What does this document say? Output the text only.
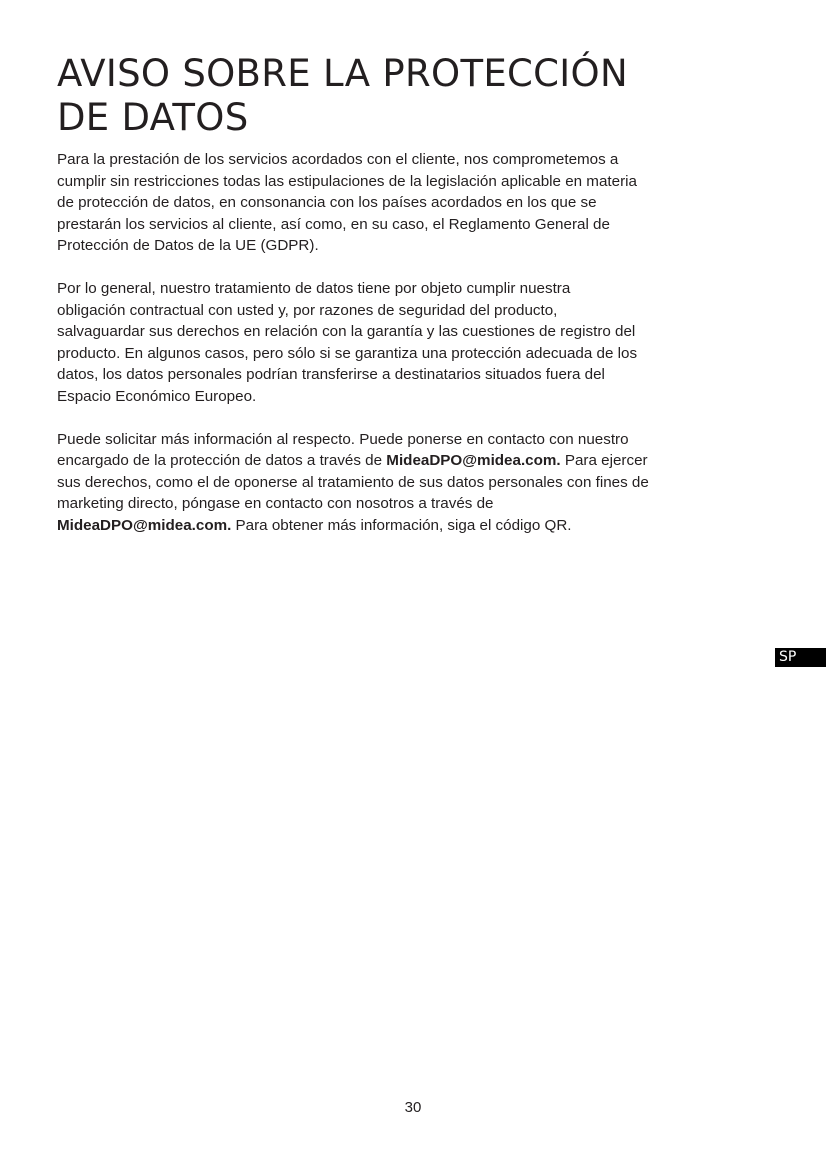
AVISO SOBRE LA PROTECCIÓN
DE DATOS

Para la prestación de los servicios acordados con el cliente, nos comprometemos a
cumplir sin restricciones todas las estipulaciones de la legislación aplicable en materia
de protección de datos, en consonancia con los países acordados en los que se
prestarán los servicios al cliente, así como, en su caso, el Reglamento General de
Protección de Datos de la UE (GDPR).

Por lo general, nuestro tratamiento de datos tiene por objeto cumplir nuestra
obligación contractual con usted y, por razones de seguridad del producto,
salvaguardar sus derechos en relación con la garantía y las cuestiones de registro del
producto. En algunos casos, pero sólo si se garantiza una protección adecuada de los
datos, los datos personales podrían transferirse a destinatarios situados fuera del
Espacio Económico Europeo.

Puede solicitar más información al respecto. Puede ponerse en contacto con nuestro
encargado de la protección de datos a través de MideaDPO@midea.com. Para ejercer
sus derechos, como el de oponerse al tratamiento de sus datos personales con fines de
marketing directo, póngase en contacto con nosotros a través de
MideaDPO@midea.com. Para obtener más información, siga el código QR.

SP
30
